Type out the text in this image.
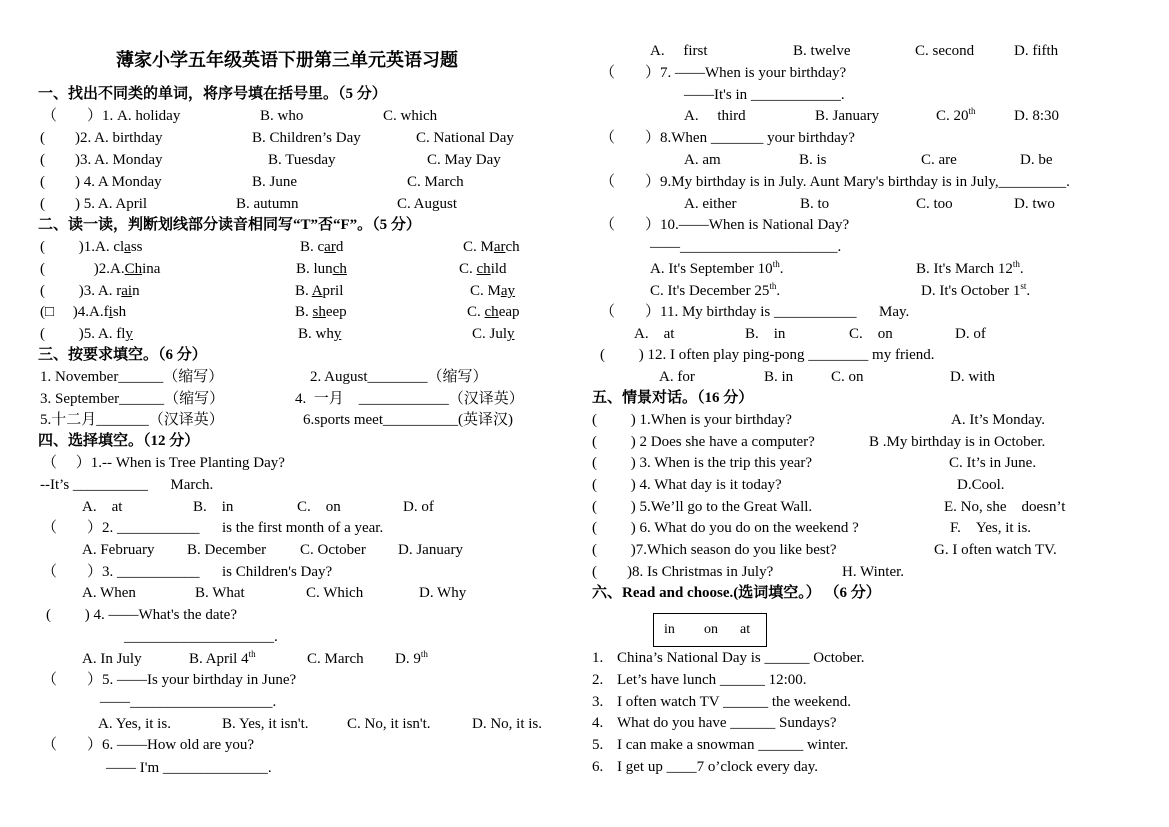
薄家小学五年级英语下册第三单元英语习题
一、找出不同类的单词，将序号填在括号里。（5 分）
（　　）1. A. holiday	B. who	C. which
(　　)2. A. birthday	B. Children’s Day	C. National Day
(　　)3. A. Monday	B. Tuesday	C. May Day
(　　) 4. A Monday	B. June	C. March
(　　) 5. A. April	B. autumn	C. August
二、读一读，判断划线部分读音相同写“T”否“F”。（5 分）
(　　 )1.A. class	B. card	C. March
(　　 　)2.A.China	B. lunch	C. child
(　　 )3. A. rain	B. April	C. May
(□　 )4.A.fish	B. sheep	C. cheap
(　　 )5. A. fly	B. why	C. July
三、按要求填空。（6 分）
1. November______（缩写）	2. August________（缩写）
3. September______（缩写）	4.  一月    ____________（汉译英）
5.十二月_______（汉译英）	6.sports meet__________(英译汉)
四、选择填空。（12 分）
（　 ）1.-- When is Tree Planting Day?
--It’s __________　  March.
A.　at	B.　in	C.　on	D. of
（　　）2. ___________　  is the first month of a year.
A. February B. December C. October D. January
（　　）3. ___________　  is Children's Day?
A. When	B. What	C. Which	D. Why
(　　 ) 4. ——What's the date?
____________________.
A. In July	B. April 4th	C. March D. 9th
（　　）5. ——Is your birthday in June?
——___________________.
A. Yes, it is.	B. Yes, it isn't.	C. No, it isn't.	D. No, it is.
（　　）6. ——How old are you?
—— I'm ______________.
A.　 first	B. twelve	C. second	D. fifth
（　　）7. ——When is your birthday?
——It's in ____________.
A.　 third	B. January	C. 20th	D. 8:30
（　　）8.When _______ your birthday?
A. am	B. is	C. are	D. be
（　　）9.My birthday is in July. Aunt Mary's birthday is in July,_________.
A. either	B. to	C. too	D. two
（　　）10.——When is National Day?
——_____________________.
A. It's September 10th.	B. It's March 12th.
C. It's December 25th.	D. It's October 1st.
（　　）11. My birthday is ___________　  May.
A.　at	B.　in	C.　on	D. of
(　　 ) 12. I often play ping-pong ________ my friend.
A. for	B. in	C. on	D. with
五、情景对话。（16 分）
(　　 ) 1.When is your birthday?	A. It’s Monday.
(　　 ) 2 Does she have a computer?	B .My birthday is in October.
(　　 ) 3. When is the trip this year?	C. It’s in June.
(　　 ) 4. What day is it today?	D.Cool.
(　　 ) 5.We’ll go to the Great Wall.	E. No, she　doesn’t
(　　 ) 6. What do you do on the weekend ?	F.　Yes, it is.
(　　 )7.Which season do you like best?	G. I often watch TV.
(　　)8. Is Christmas in July?	H. Winter.
六、Read and choose.(选词填空。） （6 分）
in on at
1. China’s National Day is ______ October.
2. Let’s have lunch ______ 12:00.
3. I often watch TV ______ the weekend.
4. What do you have ______ Sundays?
5. I can make a snowman ______ winter.
6. I get up ____7 o’clock every day.
